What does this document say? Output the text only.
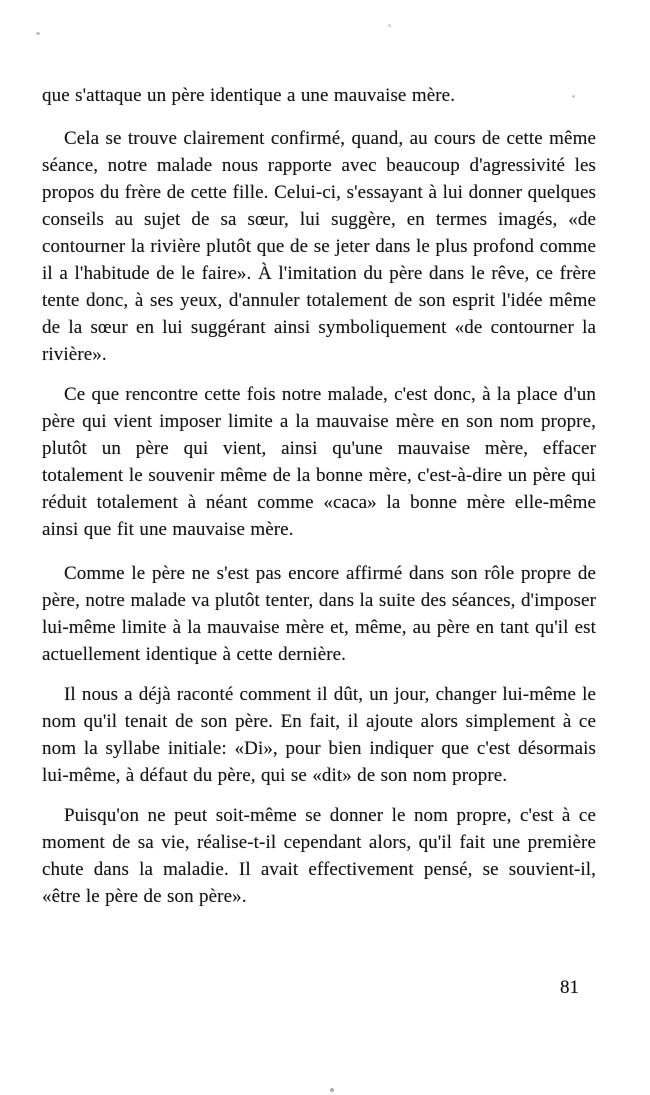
que s'attaque un père identique a une mauvaise mère.

Cela se trouve clairement confirmé, quand, au cours de cette même séance, notre malade nous rapporte avec beaucoup d'agressivité les propos du frère de cette fille. Celui-ci, s'essayant à lui donner quelques conseils au sujet de sa sœur, lui suggère, en termes imagés, «de contourner la rivière plutôt que de se jeter dans le plus profond comme il a l'habitude de le faire». À l'imitation du père dans le rêve, ce frère tente donc, à ses yeux, d'annuler totalement de son esprit l'idée même de la sœur en lui suggérant ainsi symboliquement «de contourner la rivière».

Ce que rencontre cette fois notre malade, c'est donc, à la place d'un père qui vient imposer limite a la mauvaise mère en son nom propre, plutôt un père qui vient, ainsi qu'une mauvaise mère, effacer totalement le souvenir même de la bonne mère, c'est-à-dire un père qui réduit totalement à néant comme «caca» la bonne mère elle-même ainsi que fit une mauvaise mère.

Comme le père ne s'est pas encore affirmé dans son rôle propre de père, notre malade va plutôt tenter, dans la suite des séances, d'imposer lui-même limite à la mauvaise mère et, même, au père en tant qu'il est actuellement identique à cette dernière.

Il nous a déjà raconté comment il dût, un jour, changer lui-même le nom qu'il tenait de son père. En fait, il ajoute alors simplement à ce nom la syllabe initiale: «Di», pour bien indiquer que c'est désormais lui-même, à défaut du père, qui se «dit» de son nom propre.

Puisqu'on ne peut soit-même se donner le nom propre, c'est à ce moment de sa vie, réalise-t-il cependant alors, qu'il fait une première chute dans la maladie. Il avait effectivement pensé, se souvient-il, «être le père de son père».

81
